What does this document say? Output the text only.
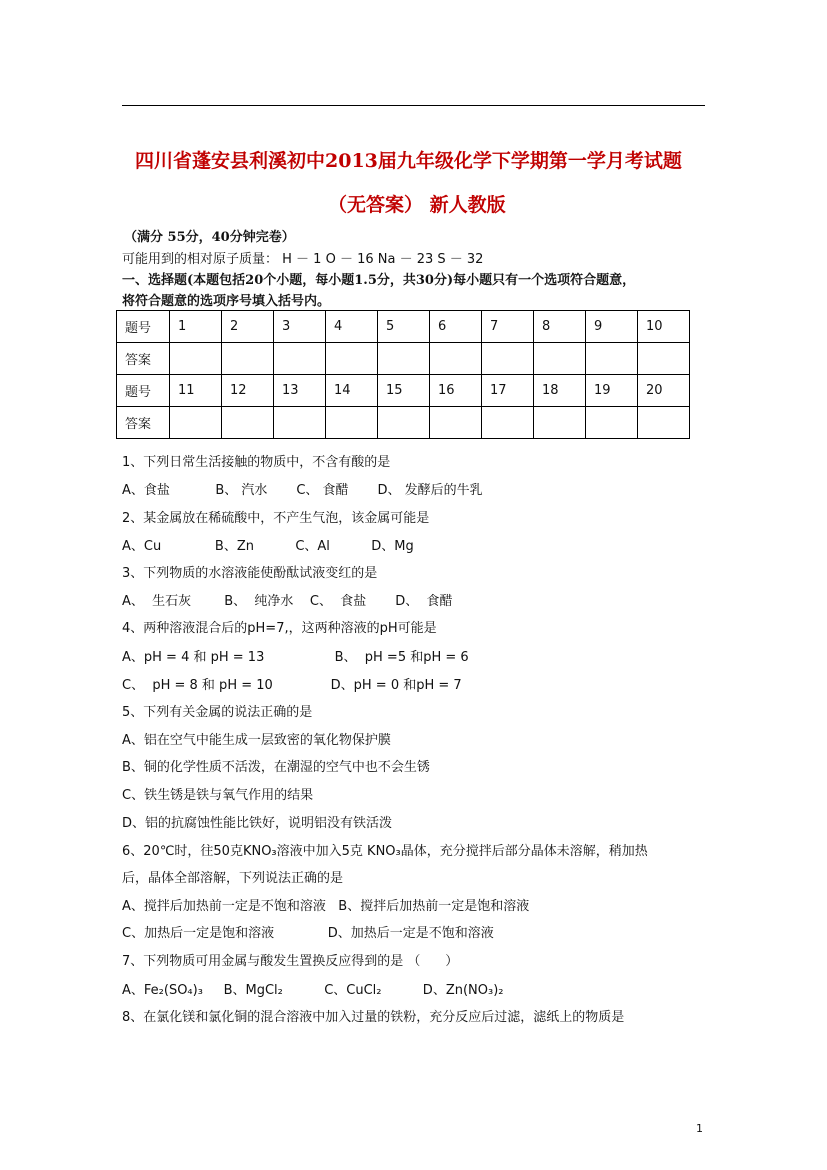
四川省蓬安县利溪初中2013届九年级化学下学期第一学月考试题
（无答案） 新人教版
（满分 55分，40分钟完卷）
可能用到的相对原子质量： H － 1 O － 16 Na － 23 S － 32
一、选择题(本题包括20个小题，每小题1.5分，共30分)每小题只有一个选项符合题意，
将符合题意的选项序号填入括号内。
题号	1	2	3	4	5	6	7	8	9	10
答案										
题号	11	12	13	14	15	16	17	18	19	20
答案										
1、下列日常生活接触的物质中，不含有酸的是
A、食盐           B、 汽水       C、 食醋       D、 发酵后的牛乳
2、某金属放在稀硫酸中，不产生气泡，该金属可能是
A、Cu             B、Zn          C、Al          D、Mg
3、下列物质的水溶液能使酚酞试液变红的是
A、  生石灰        B、  纯净水    C、  食盐       D、  食醋
4、两种溶液混合后的pH=7,，这两种溶液的pH可能是
A、pH = 4 和 pH = 13                 B、  pH =5 和pH = 6
C、  pH = 8 和 pH = 10              D、pH = 0 和pH = 7
5、下列有关金属的说法正确的是
A、铝在空气中能生成一层致密的氧化物保护膜
B、铜的化学性质不活泼，在潮湿的空气中也不会生锈
C、铁生锈是铁与氧气作用的结果
D、铝的抗腐蚀性能比铁好，说明铝没有铁活泼
6、20℃时，往50克KNO₃溶液中加入5克 KNO₃晶体，充分搅拌后部分晶体未溶解，稍加热
后，晶体全部溶解，下列说法正确的是
A、搅拌后加热前一定是不饱和溶液   B、搅拌后加热前一定是饱和溶液
C、加热后一定是饱和溶液             D、加热后一定是不饱和溶液
7、下列物质可用金属与酸发生置换反应得到的是 （      ）
A、Fe₂(SO₄)₃     B、MgCl₂          C、CuCl₂          D、Zn(NO₃)₂
8、在氯化镁和氯化铜的混合溶液中加入过量的铁粉，充分反应后过滤，滤纸上的物质是
1
